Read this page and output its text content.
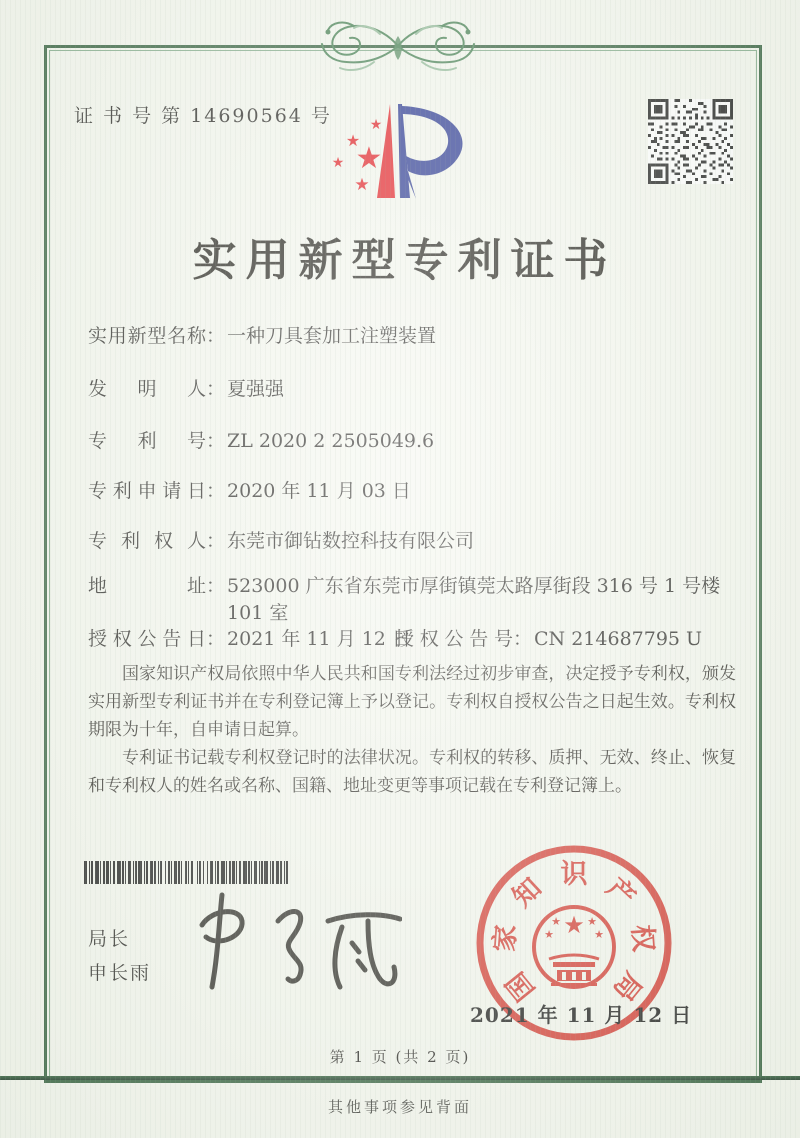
证 书 号 第 14690564 号
★
★
★
★
★
实用新型专利证书
实用新型名称 ： 一种刀具套加工注塑装置
发明人 ： 夏强强
专利号 ： ZL 2020 2 2505049.6
专利申请日 ： 2020 年 11 月 03 日
专利权人 ： 东莞市御钻数控科技有限公司
地址 ： 523000 广东省东莞市厚街镇莞太路厚街段 316 号 1 号楼 101 室
授权公告日 ： 2021 年 11 月 12 日
授权公告号 ： CN 214687795 U

国家知识产权局依照中华人民共和国专利法经过初步审查，决定授予专利权，颁发实用新型专利证书并在专利登记簿上予以登记。专利权自授权公告之日起生效。专利权期限为十年，自申请日起算。

专利证书记载专利权登记时的法律状况。专利权的转移、质押、无效、终止、恢复和专利权人的姓名或名称、国籍、地址变更等事项记载在专利登记簿上。

局长
申长雨	国
家
知 识 产
权
局
★
★ ★
★	★
2021 年 11 月 12 日
第 1 页 (共 2 页)
其他事项参见背面
